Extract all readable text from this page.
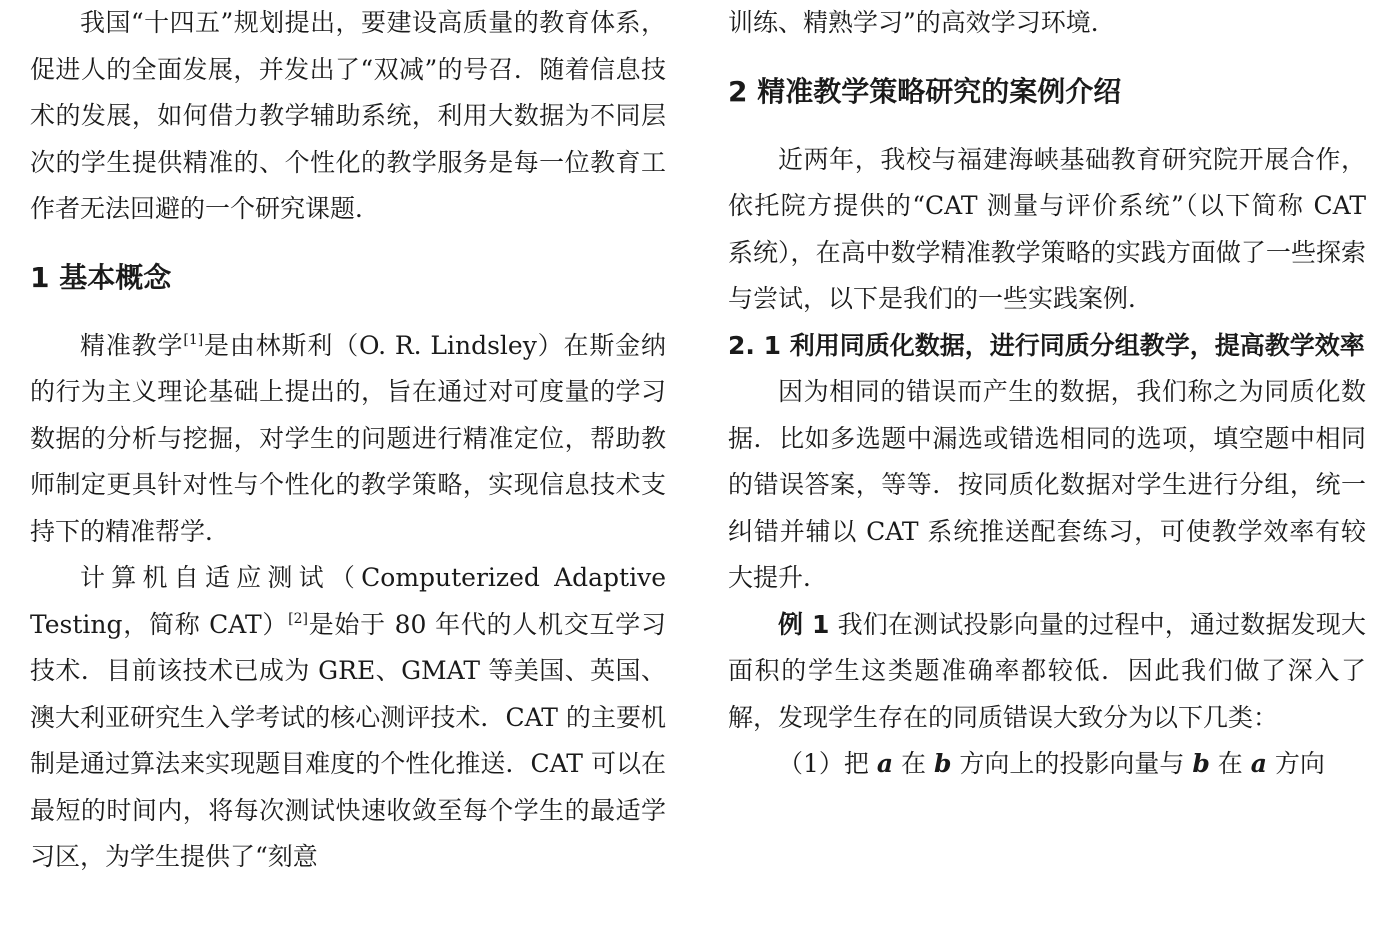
我国“十四五”规划提出，要建设高质量的教育体系，促进人的全面发展，并发出了“双减”的号召．随着信息技术的发展，如何借力教学辅助系统，利用大数据为不同层次的学生提供精准的、个性化的教学服务是每一位教育工作者无法回避的一个研究课题．

1 基本概念

精准教学[1]是由林斯利（O. R. Lindsley）在斯金纳的行为主义理论基础上提出的，旨在通过对可度量的学习数据的分析与挖掘，对学生的问题进行精准定位，帮助教师制定更具针对性与个性化的教学策略，实现信息技术支持下的精准帮学．

计算机自适应测试（Computerized Adaptive Testing，简称 CAT）[2]是始于 80 年代的人机交互学习技术．目前该技术已成为 GRE、GMAT 等美国、英国、澳大利亚研究生入学考试的核心测评技术．CAT 的主要机制是通过算法来实现题目难度的个性化推送．CAT 可以在最短的时间内，将每次测试快速收敛至每个学生的最适学习区，为学生提供了“刻意

训练、精熟学习”的高效学习环境．

2 精准教学策略研究的案例介绍

近两年，我校与福建海峡基础教育研究院开展合作，依托院方提供的“CAT 测量与评价系统”（以下简称 CAT 系统），在高中数学精准教学策略的实践方面做了一些探索与尝试，以下是我们的一些实践案例．

2. 1 利用同质化数据，进行同质分组教学，提高教学效率

因为相同的错误而产生的数据，我们称之为同质化数据．比如多选题中漏选或错选相同的选项，填空题中相同的错误答案，等等．按同质化数据对学生进行分组，统一纠错并辅以 CAT 系统推送配套练习，可使教学效率有较大提升．

例 1 我们在测试投影向量的过程中，通过数据发现大面积的学生这类题准确率都较低．因此我们做了深入了解，发现学生存在的同质错误大致分为以下几类：

（1）把 a 在 b 方向上的投影向量与 b 在 a 方向
